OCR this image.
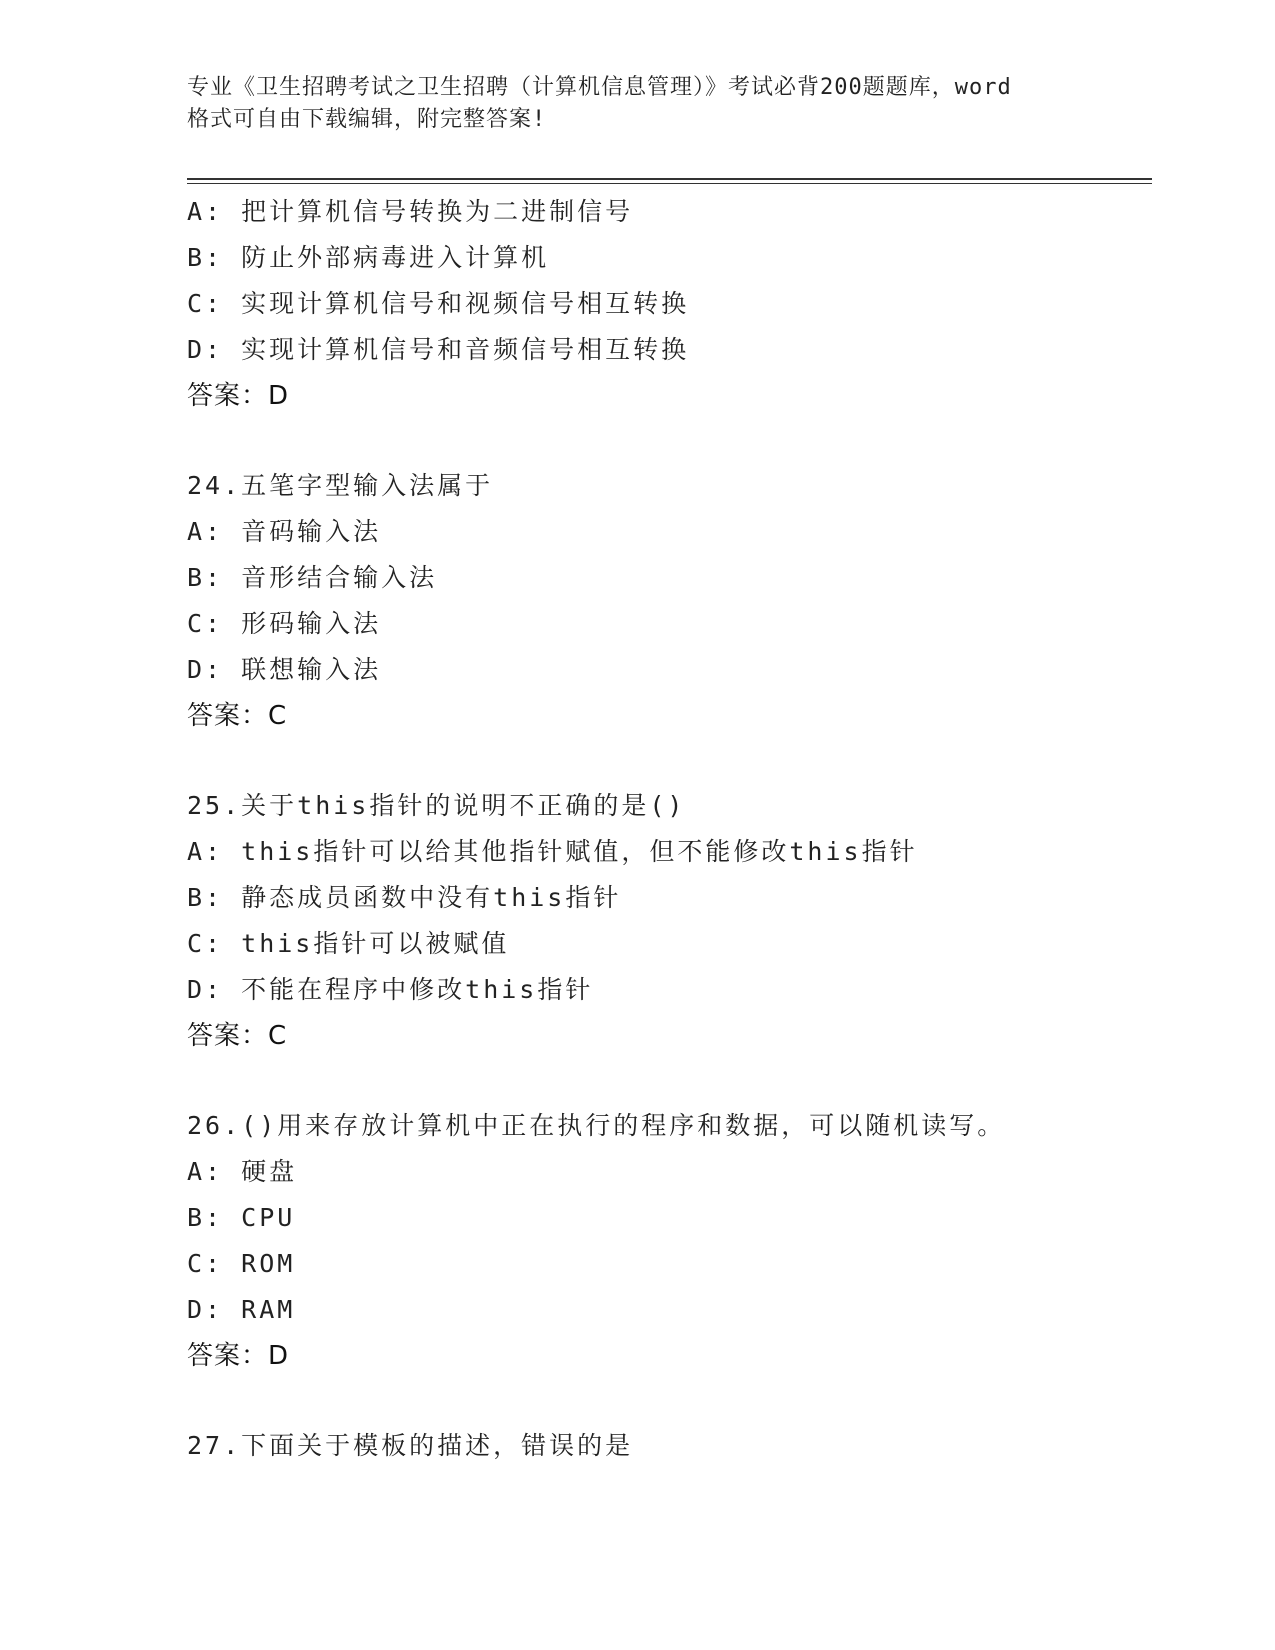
专业《卫生招聘考试之卫生招聘（计算机信息管理）》考试必背200题题库，word
格式可自由下载编辑，附完整答案!
A: 把计算机信号转换为二进制信号
B: 防止外部病毒进入计算机
C: 实现计算机信号和视频信号相互转换
D: 实现计算机信号和音频信号相互转换
答案：D
24.五笔字型输入法属于
A: 音码输入法
B: 音形结合输入法
C: 形码输入法
D: 联想输入法
答案：C
25.关于this指针的说明不正确的是()
A: this指针可以给其他指针赋值，但不能修改this指针
B: 静态成员函数中没有this指针
C: this指针可以被赋值
D: 不能在程序中修改this指针
答案：C
26.()用来存放计算机中正在执行的程序和数据，可以随机读写。
A: 硬盘
B: CPU
C: ROM
D: RAM
答案：D
27.下面关于模板的描述，错误的是
